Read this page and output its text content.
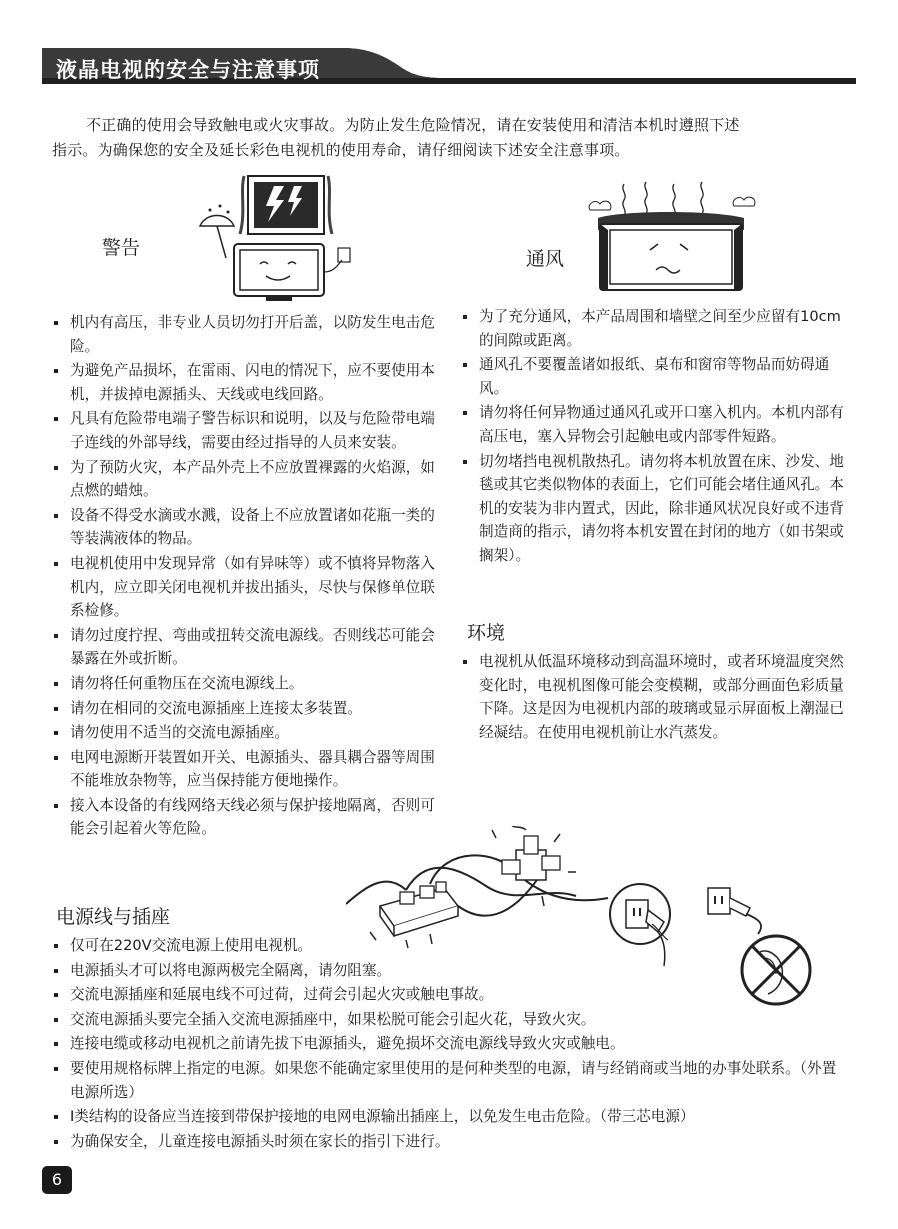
液晶电视的安全与注意事项

不正确的使用会导致触电或火灾事故。为防止发生危险情况，请在安装使用和清洁本机时遵照下述

指示。为确保您的安全及延长彩色电视机的使用寿命，请仔细阅读下述安全注意事项。

警告
机内有高压，非专业人员切勿打开后盖，以防发生电击危险。
为避免产品损坏，在雷雨、闪电的情况下，应不要使用本机，并拔掉电源插头、天线或电线回路。
凡具有危险带电端子警告标识和说明，以及与危险带电端子连线的外部导线，需要由经过指导的人员来安装。
为了预防火灾，本产品外壳上不应放置裸露的火焰源，如点燃的蜡烛。
设备不得受水滴或水溅，设备上不应放置诸如花瓶一类的等装满液体的物品。
电视机使用中发现异常（如有异味等）或不慎将异物落入机内，应立即关闭电视机并拔出插头，尽快与保修单位联系检修。
请勿过度拧捏、弯曲或扭转交流电源线。否则线芯可能会暴露在外或折断。
请勿将任何重物压在交流电源线上。
请勿在相同的交流电源插座上连接太多装置。
请勿使用不适当的交流电源插座。
电网电源断开装置如开关、电源插头、器具耦合器等周围不能堆放杂物等，应当保持能方便地操作。
接入本设备的有线网络天线必须与保护接地隔离，否则可能会引起着火等危险。
通风
为了充分通风，本产品周围和墙壁之间至少应留有10cm的间隙或距离。
通风孔不要覆盖诸如报纸、桌布和窗帘等物品而妨碍通风。
请勿将任何异物通过通风孔或开口塞入机内。本机内部有高压电，塞入异物会引起触电或内部零件短路。
切勿堵挡电视机散热孔。请勿将本机放置在床、沙发、地毯或其它类似物体的表面上，它们可能会堵住通风孔。本机的安装为非内置式，因此，除非通风状况良好或不违背制造商的指示，请勿将本机安置在封闭的地方（如书架或搁架）。
环境
电视机从低温环境移动到高温环境时，或者环境温度突然变化时，电视机图像可能会变模糊，或部分画面色彩质量下降。这是因为电视机内部的玻璃或显示屏面板上潮湿已经凝结。在使用电视机前让水汽蒸发。
电源线与插座
仅可在220V交流电源上使用电视机。
电源插头才可以将电源两极完全隔离，请勿阻塞。
交流电源插座和延展电线不可过荷，过荷会引起火灾或触电事故。
交流电源插头要完全插入交流电源插座中，如果松脱可能会引起火花，导致火灾。
连接电缆或移动电视机之前请先拔下电源插头，避免损坏交流电源线导致火灾或触电。
要使用规格标牌上指定的电源。如果您不能确定家里使用的是何种类型的电源，请与经销商或当地的办事处联系。（外置电源所选）
Ⅰ类结构的设备应当连接到带保护接地的电网电源输出插座上，以免发生电击危险。（带三芯电源）
为确保安全，儿童连接电源插头时须在家长的指引下进行。
6
